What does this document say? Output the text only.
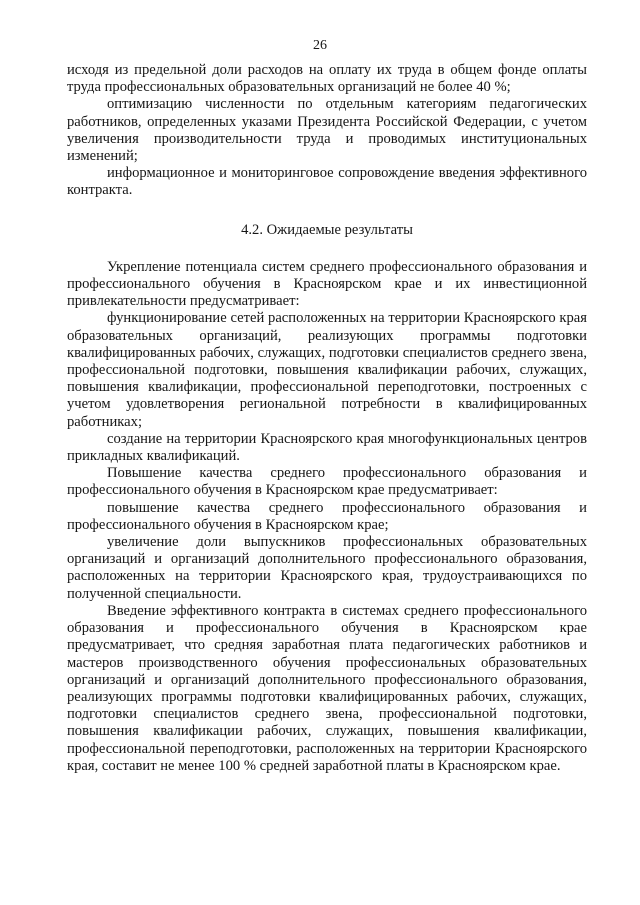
26

исходя из предельной доли расходов на оплату их труда в общем фонде оплаты труда профессиональных образовательных организаций не более 40 %;

оптимизацию численности по отдельным категориям педагогических работников, определенных указами Президента Российской Федерации, с учетом увеличения производительности труда и проводимых институциональных изменений;

информационное и мониторинговое сопровождение введения эффективного контракта.

4.2. Ожидаемые результаты

Укрепление потенциала систем среднего профессионального образования и профессионального обучения в Красноярском крае и их инвестиционной привлекательности предусматривает:

функционирование сетей расположенных на территории Красноярского края образовательных организаций, реализующих программы подготовки квалифицированных рабочих, служащих, подготовки специалистов среднего звена, профессиональной подготовки, повышения квалификации рабочих, служащих, повышения квалификации, профессиональной переподготовки, построенных с учетом удовлетворения региональной потребности в квалифицированных работниках;

создание на территории Красноярского края многофункциональных центров прикладных квалификаций.

Повышение качества среднего профессионального образования и профессионального обучения в Красноярском крае предусматривает:

повышение качества среднего профессионального образования и профессионального обучения в Красноярском крае;

увеличение доли выпускников профессиональных образовательных организаций и организаций дополнительного профессионального образования, расположенных на территории Красноярского края, трудоустраивающихся по полученной специальности.

Введение эффективного контракта в системах среднего профессионального образования и профессионального обучения в Красноярском крае предусматривает, что средняя заработная плата педагогических работников и мастеров производственного обучения профессиональных образовательных организаций и организаций дополнительного профессионального образования, реализующих программы подготовки квалифицированных рабочих, служащих, подготовки специалистов среднего звена, профессиональной подготовки, повышения квалификации рабочих, служащих, повышения квалификации, профессиональной переподготовки, расположенных на территории Красноярского края, составит не менее 100 % средней заработной платы в Красноярском крае.
